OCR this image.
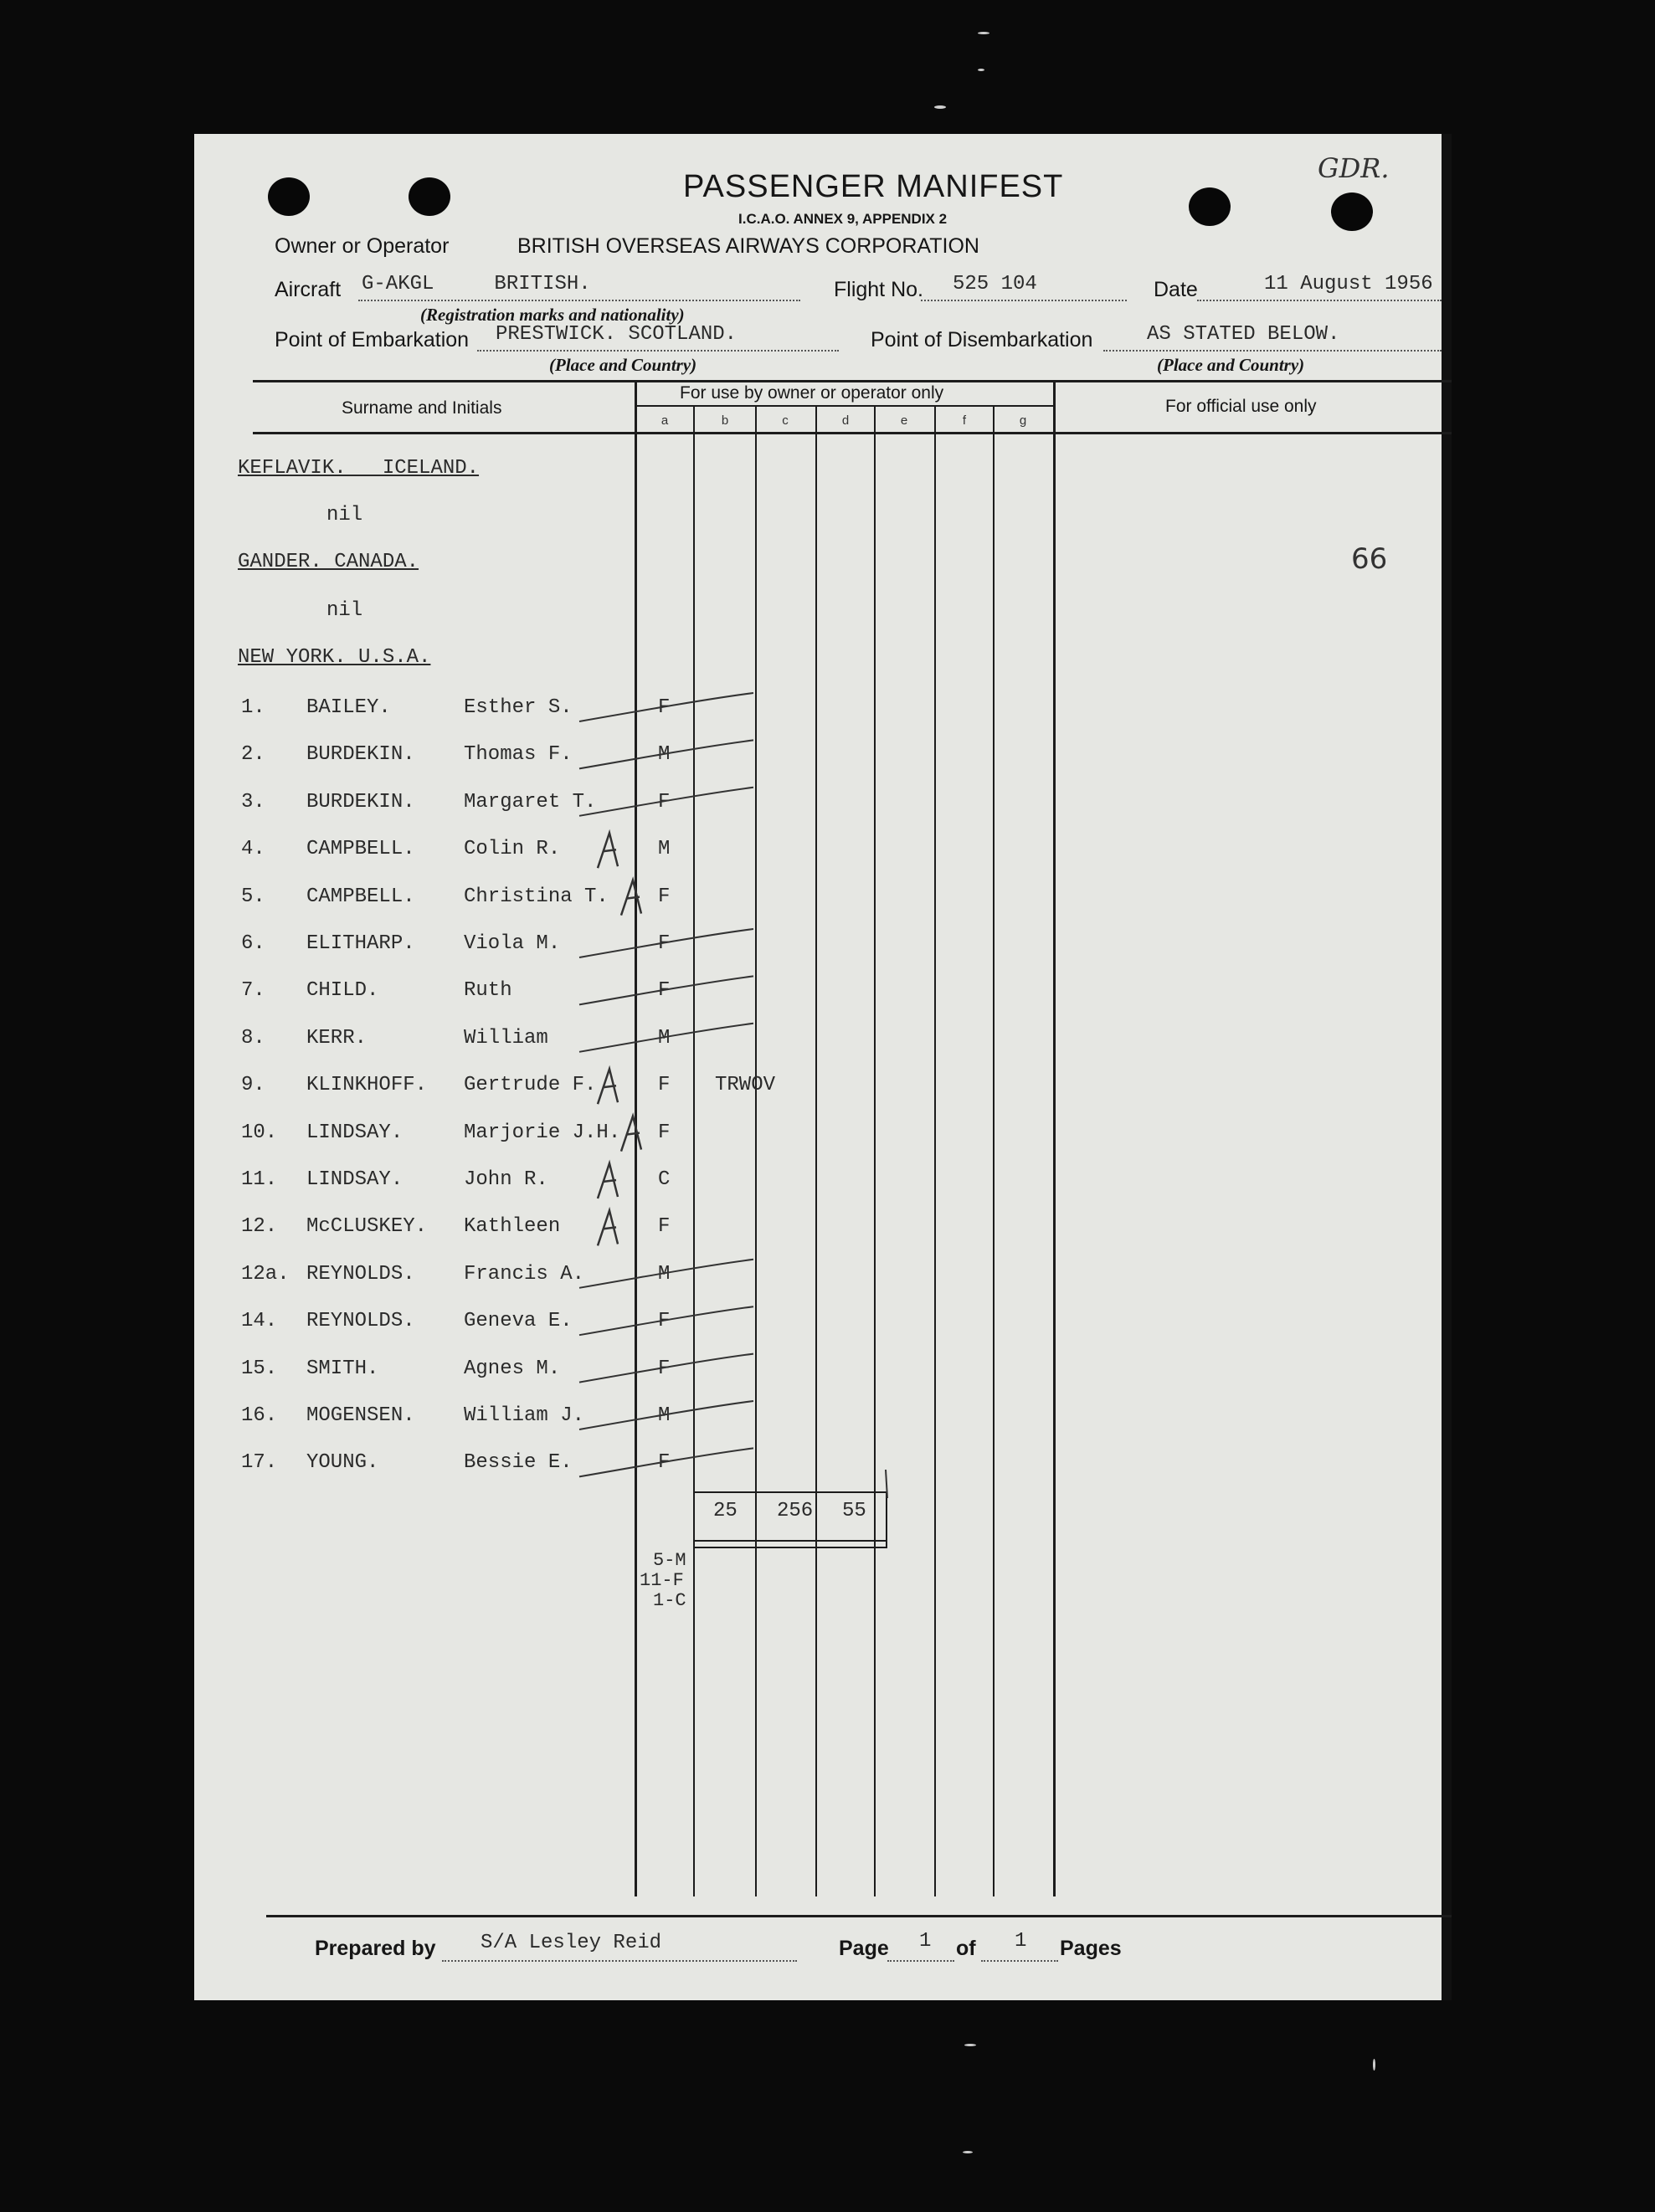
PASSENGER MANIFEST
I.C.A.O. ANNEX 9, APPENDIX 2
GDR.
Owner or Operator	BRITISH OVERSEAS AIRWAYS CORPORATION
Aircraft G-AKGL     BRITISH.
(Registration marks and nationality)
Flight No. 525 104	Date	11 August 1956
Point of Embarkation PRESTWICK. SCOTLAND.
(Place and Country)
Point of Disembarkation	AS STATED BELOW.
(Place and Country)
Surname and Initials
For use by owner or operator only
For official use only
a	b	c	d	e	f	g
KEFLAVIK.   ICELAND.
nil
GANDER. CANADA.	66
nil
NEW YORK. U.S.A.
1. BAILEY.	Esther S.	F
2. BURDEKIN. Thomas F.	M
3. BURDEKIN. Margaret T.	F
4. CAMPBELL. Colin R.	M
5. CAMPBELL. Christina T. F
6. ELITHARP. Viola M.	F
7. CHILD.	Ruth	F
8. KERR.	William	M
9. KLINKHOFF. Gertrude F.	F TRWOV
10. LINDSAY.	Marjorie J.H. F
11. LINDSAY.	John R.	C
12. McCLUSKEY. Kathleen	F
12a. REYNOLDS. Francis A.	M
14. REYNOLDS. Geneva E.	F
15. SMITH.	Agnes M.	F
16. MOGENSEN. William J.	M
17. YOUNG.	Bessie E.	F
25 256 55
5-M
11-F
1-C
Prepared by S/A Lesley Reid	Page 1 of 1 Pages
